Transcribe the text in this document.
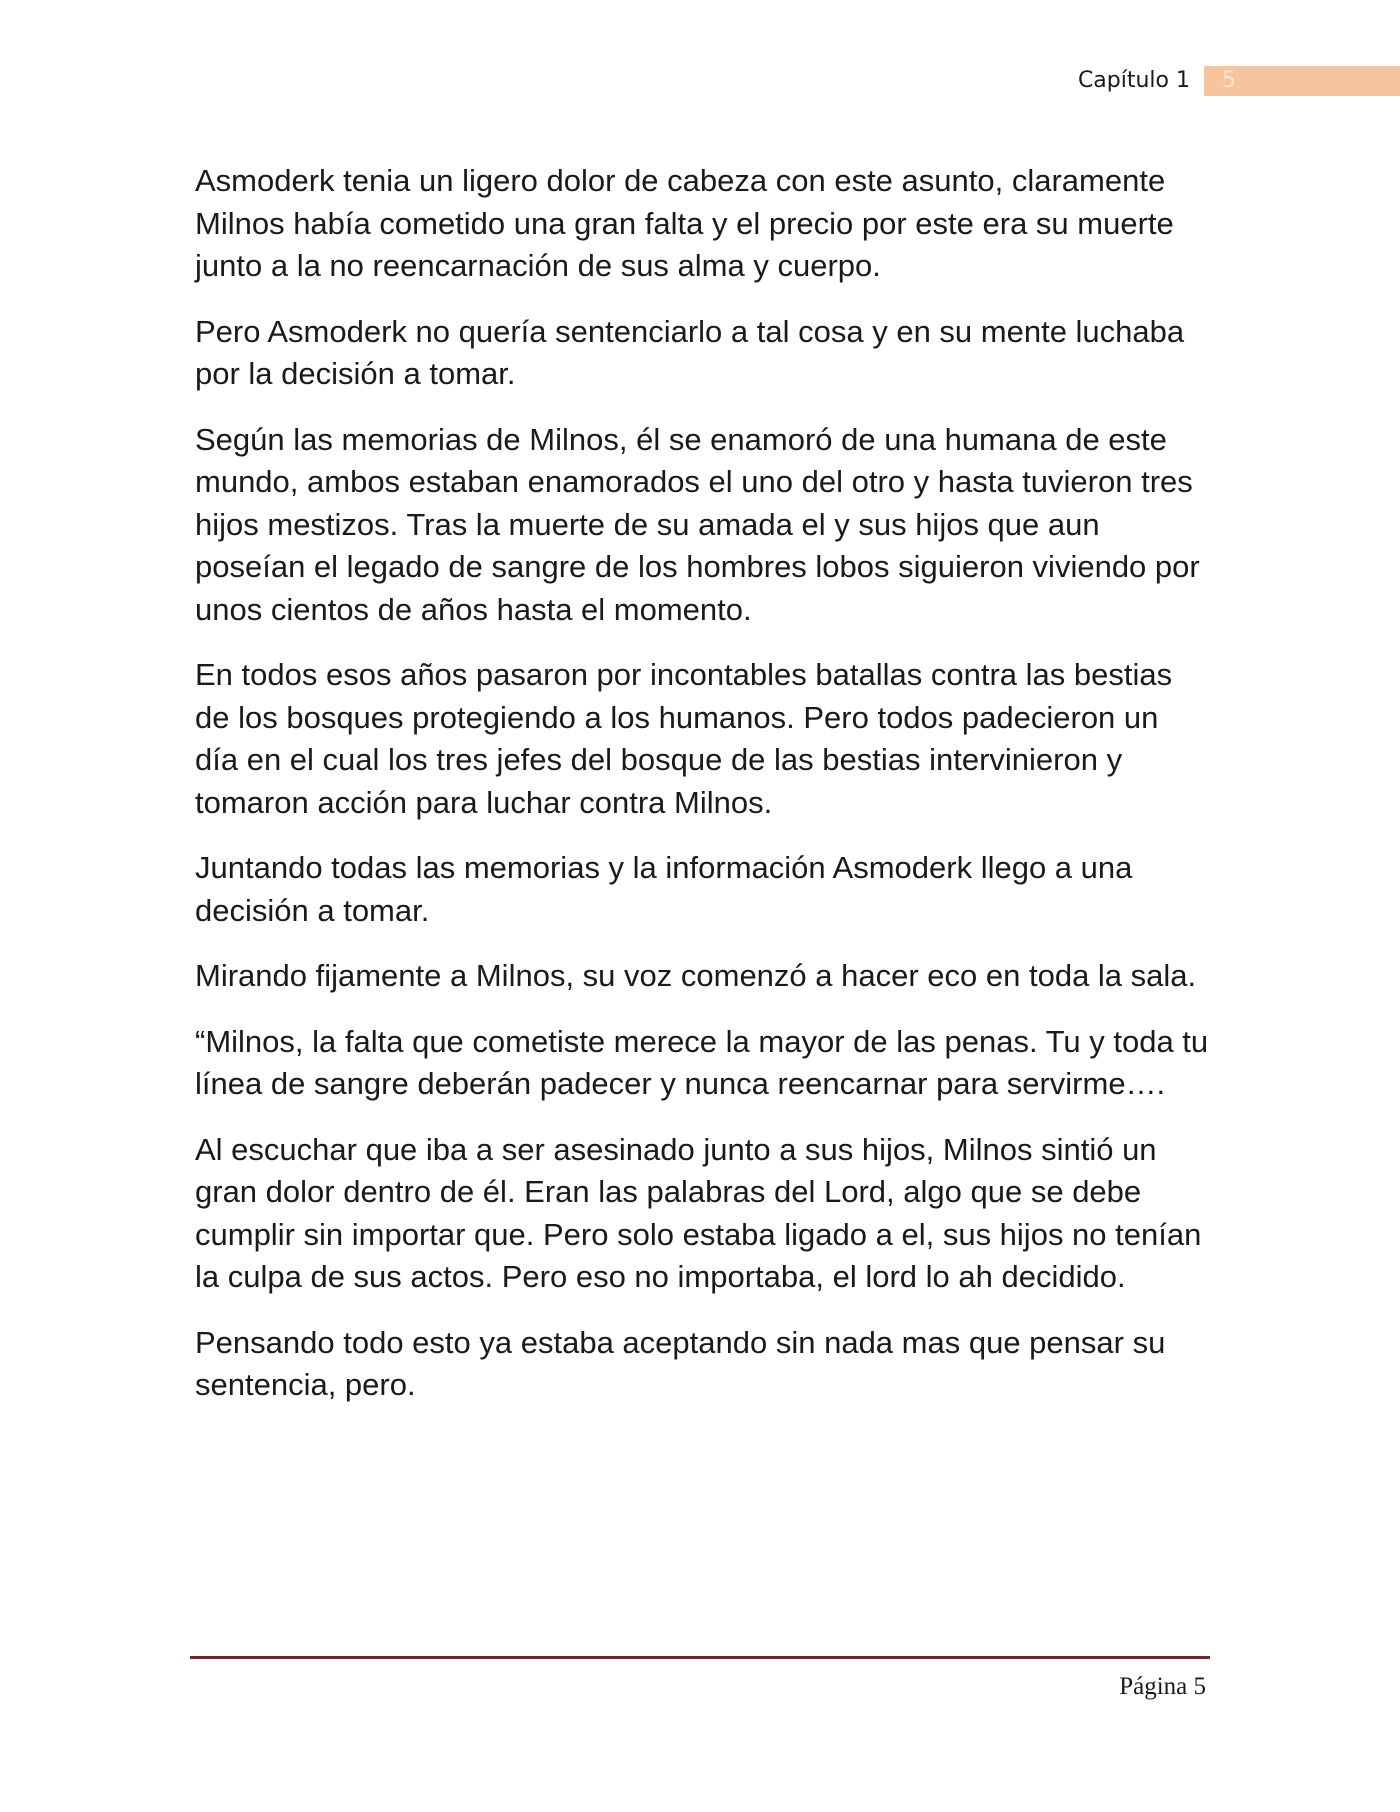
Capítulo 1 5

Asmoderk tenia un ligero dolor de cabeza con este asunto, claramente Milnos había cometido una gran falta y el precio por este era su muerte junto a la no reencarnación de sus alma y cuerpo.

Pero Asmoderk no quería sentenciarlo a tal cosa y en su mente luchaba por la decisión a tomar.

Según las memorias de Milnos, él se enamoró de una humana de este mundo, ambos estaban enamorados el uno del otro y hasta tuvieron tres hijos mestizos. Tras la muerte de su amada el y sus hijos que aun poseían el legado de sangre de los hombres lobos siguieron viviendo por unos cientos de años hasta el momento.

En todos esos años pasaron por incontables batallas contra las bestias de los bosques protegiendo a los humanos. Pero todos padecieron un día en el cual los tres jefes del bosque de las bestias intervinieron y tomaron acción para luchar contra Milnos.

Juntando todas las memorias y la información Asmoderk llego a una decisión a tomar.

Mirando fijamente a Milnos, su voz comenzó a hacer eco en toda la sala.

“Milnos, la falta que cometiste merece la mayor de las penas. Tu y toda tu línea de sangre deberán padecer y nunca reencarnar para servirme….

Al escuchar que iba a ser asesinado junto a sus hijos, Milnos sintió un gran dolor dentro de él. Eran las palabras del Lord, algo que se debe cumplir sin importar que. Pero solo estaba ligado a el, sus hijos no tenían la culpa de sus actos. Pero eso no importaba, el lord lo ah decidido.

Pensando todo esto ya estaba aceptando sin nada mas que pensar su sentencia, pero.

Página 5
